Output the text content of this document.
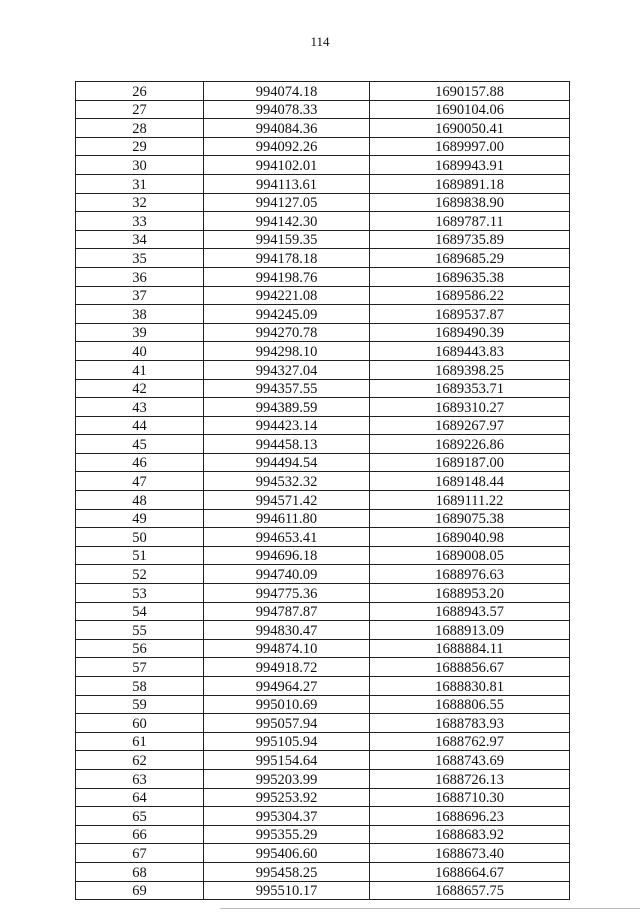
114
26	994074.18	1690157.88
27	994078.33	1690104.06
28	994084.36	1690050.41
29	994092.26	1689997.00
30	994102.01	1689943.91
31	994113.61	1689891.18
32	994127.05	1689838.90
33	994142.30	1689787.11
34	994159.35	1689735.89
35	994178.18	1689685.29
36	994198.76	1689635.38
37	994221.08	1689586.22
38	994245.09	1689537.87
39	994270.78	1689490.39
40	994298.10	1689443.83
41	994327.04	1689398.25
42	994357.55	1689353.71
43	994389.59	1689310.27
44	994423.14	1689267.97
45	994458.13	1689226.86
46	994494.54	1689187.00
47	994532.32	1689148.44
48	994571.42	1689111.22
49	994611.80	1689075.38
50	994653.41	1689040.98
51	994696.18	1689008.05
52	994740.09	1688976.63
53	994775.36	1688953.20
54	994787.87	1688943.57
55	994830.47	1688913.09
56	994874.10	1688884.11
57	994918.72	1688856.67
58	994964.27	1688830.81
59	995010.69	1688806.55
60	995057.94	1688783.93
61	995105.94	1688762.97
62	995154.64	1688743.69
63	995203.99	1688726.13
64	995253.92	1688710.30
65	995304.37	1688696.23
66	995355.29	1688683.92
67	995406.60	1688673.40
68	995458.25	1688664.67
69	995510.17	1688657.75
